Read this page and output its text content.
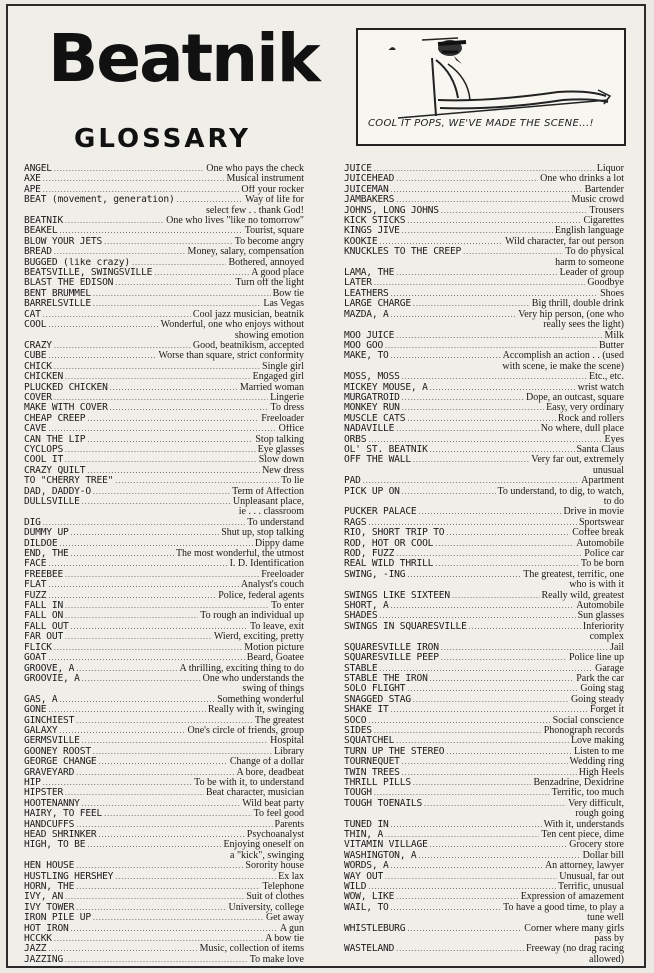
Beatnik
GLOSSARY
☁
COOL IT POPS, WE'VE MADE THE SCENE...!
ANGEL .....	One who pays the check
AXE .....	Musical instrument
APE .....	Off your rocker
BEAT (movement, generation) .....	Way of life for
select few . . thank God!
BEATNIK .....	One who lives "like no tomorrow"
BEAKEL .....	Tourist, square
BLOW YOUR JETS .....	To become angry
BREAD .....	Money, salary, compensation
BUGGED (like crazy) .....	Bothered, annoyed
BEATSVILLE, SWINGSVILLE .....	A good place
BLAST THE EDISON .....	Turn off the light
BENT BRUMMEL .....	Bow tie
BARRELSVILLE .....	Las Vegas
CAT .....	Cool jazz musician, beatnik
COOL .....	Wonderful, one who enjoys without
showing emotion
CRAZY .....	Good, beatnikism, accepted
CUBE .....	Worse than square, strict conformity
CHICK .....	Single girl
CHICKEN .....	Engaged girl
PLUCKED CHICKEN .....	Married woman
COVER .....	Lingerie
MAKE WITH COVER .....	To dress
CHEAP CREEP .....	Freeloader
CAVE .....	Office
CAN THE LIP .....	Stop talking
CYCLOPS .....	Eye glasses
COOL IT .....	Slow down
CRAZY QUILT .....	New dress
TO "CHERRY TREE" .....	To lie
DAD, DADDY-O .....	Term of Affection
DULLSVILLE .....	Unpleasant place,
ie . . . classroom
DIG .....	To understand
DUMMY UP .....	Shut up, stop talking
DILDOE .....	Dippy dame
END, THE .....	The most wonderful, the utmost
FACE .....	I. D. Identification
FREEBEE .....	Freeloader
FLAT .....	Analyst's couch
FUZZ .....	Police, federal agents
FALL IN .....	To enter
FALL ON .....	To rough an individual up
FALL OUT .....	To leave, exit
FAR OUT .....	Wierd, exciting, pretty
FLICK .....	Motion picture
GOAT .....	Beard, Goatee
GROOVE, A .....	A thrilling, exciting thing to do
GROOVIE, A .....	One who understands the
swing of things
GAS, A .....	Something wonderful
GONE .....	Really with it, swinging
GINCHIEST .....	The greatest
GALAXY .....	One's circle of friends, group
GERMSVILLE .....	Hospital
GOONEY ROOST .....	Library
GEORGE CHANGE .....	Change of a dollar
GRAVEYARD .....	A bore, deadbeat
HIP .....	To be with it, to understand
HIPSTER .....	Beat character, musician
HOOTENANNY .....	Wild beat party
HAIRY, TO FEEL .....	To feel good
HANDCUFFS .....	Parents
HEAD SHRINKER .....	Psychoanalyst
HIGH, TO BE .....	Enjoying oneself on
a "kick", swinging
HEN HOUSE .....	Sorority house
HUSTLING HERSHEY .....	Ex lax
HORN, THE .....	Telephone
IVY, AN .....	Suit of clothes
IVY TOWER .....	University, college
IRON PILE UP .....	Get away
HOT IRON .....	A gun
HCCKK .....	A bow tie
JAZZ .....	Music, collection of items
JAZZING .....	To make love
JUICE .....	Liquor
JUICEHEAD .....	One who drinks a lot
JUICEMAN .....	Bartender
JAMBAKERS .....	Music crowd
JOHNS, LONG JOHNS .....	Trousers
KICK STICKS .....	Cigarettes
KINGS JIVE .....	English language
KOOKIE .....	Wild character, far out person
KNUCKLES TO THE CREEP .....	To do physical
harm to someone
LAMA, THE .....	Leader of group
LATER .....	Goodbye
LEATHERS .....	Shoes
LARGE CHARGE .....	Big thrill, double drink
MAZDA, A .....	Very hip person, (one who
really sees the light)
MOO JUICE .....	Milk
MOO GOO .....	Butter
MAKE, TO .....	Accomplish an action . . (used
with scene, ie make the scene)
MOSS, MOSS .....	Etc., etc.
MICKEY MOUSE, A .....	wrist watch
MURGATROID .....	Dope, an outcast, square
MONKEY RUN .....	Easy, very ordinary
MUSCLE CATS .....	Rock and rollers
NADAVILLE .....	No where, dull place
ORBS .....	Eyes
OL' ST. BEATNIK .....	Santa Claus
OFF THE WALL .....	Very far out, extremely
unusual
PAD .....	Apartment
PICK UP ON .....	To understand, to dig, to watch,
to do
PUCKER PALACE .....	Drive in movie
RAGS .....	Sportswear
RIO, SHORT TRIP TO .....	Coffee break
ROD, HOT OR COOL .....	Automobile
ROD, FUZZ .....	Police car
REAL WILD THRILL .....	To be born
SWING, -ING .....	The greatest, terrific, one
who is with it
SWINGS LIKE SIXTEEN .....	Really wild, greatest
SHORT, A .....	Automobile
SHADES .....	Sun glasses
SWINGS IN SQUARESVILLE .....	Inferiority
complex
SQUARESVILLE IRON .....	Jail
SQUARESVILLE PEEP .....	Police line up
STABLE .....	Garage
STABLE THE IRON .....	Park the car
SOLO FLIGHT .....	Going stag
SNAGGED STAG .....	Going steady
SHAKE IT .....	Forget it
SOCO .....	Social conscience
SIDES .....	Phonograph records
SQUATCHEL .....	Love making
TURN UP THE STEREO .....	Listen to me
TOURNEQUET .....	Wedding ring
TWIN TREES .....	High Heels
THRILL PILLS .....	Benzadrine, Dexidrine
TOUGH .....	Terrific, too much
TOUGH TOENAILS .....	Very difficult,
rough going
TUNED IN .....	With it, understands
THIN, A .....	Ten cent piece, dime
VITAMIN VILLAGE .....	Grocery store
WASHINGTON, A .....	Dollar bill
WORDS, A .....	An attorney, lawyer
WAY OUT .....	Unusual, far out
WILD .....	Terrific, unusual
WOW, LIKE .....	Expression of amazement
WAIL, TO .....	To have a good time, to play a
tune well
WHISTLEBURG .....	Corner where many girls
pass by
WASTELAND .....	Freeway (no drag racing
allowed)
